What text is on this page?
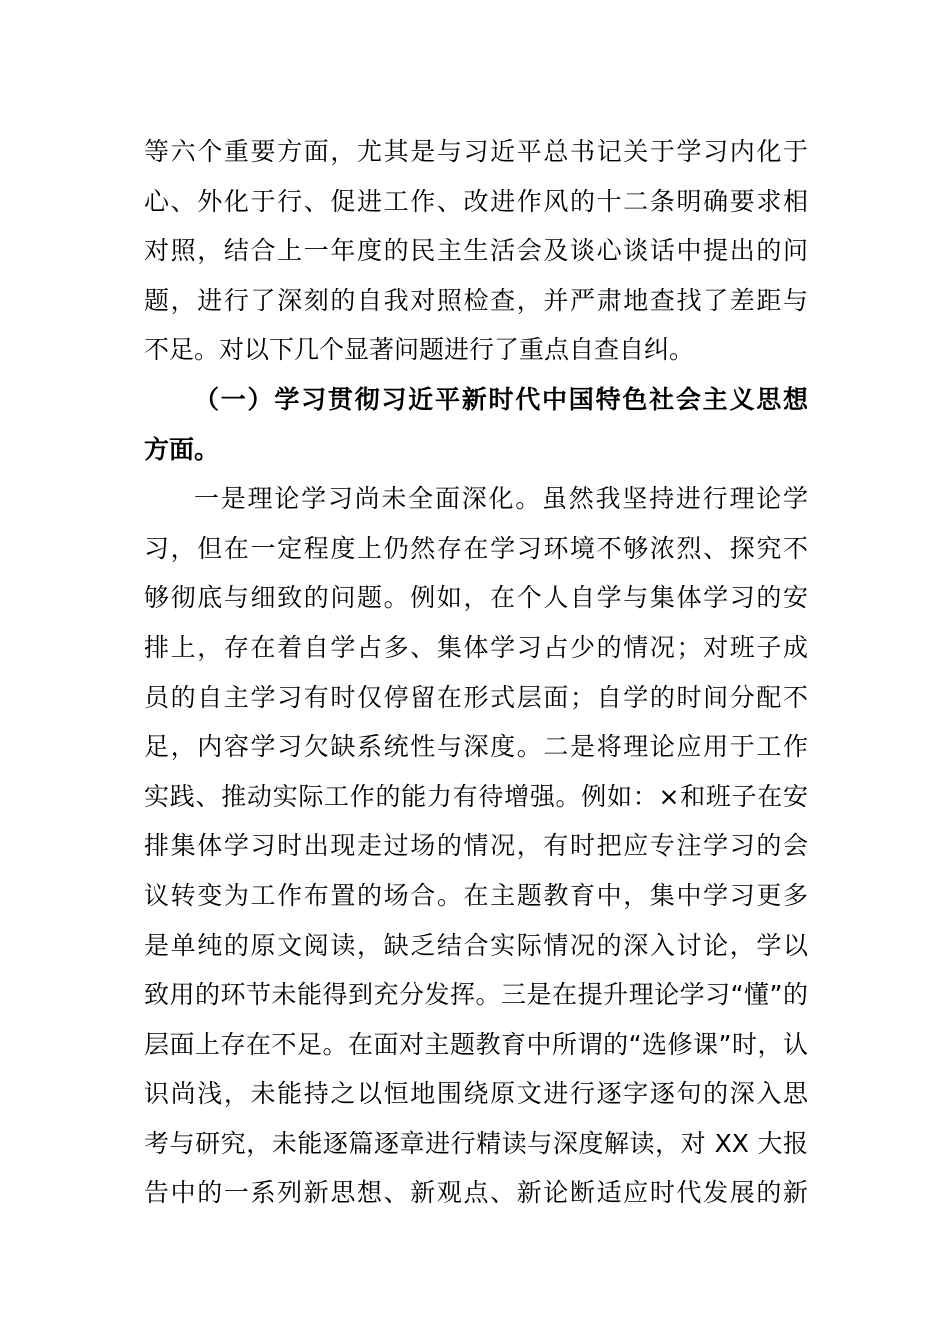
等六个重要方面，尤其是与习近平总书记关于学习内化于
心、外化于行、促进工作、改进作风的十二条明确要求相
对照，结合上一年度的民主生活会及谈心谈话中提出的问
题，进行了深刻的自我对照检查，并严肃地查找了差距与
不足。对以下几个显著问题进行了重点自查自纠。
（一）学习贯彻习近平新时代中国特色社会主义思想
方面。
一是理论学习尚未全面深化。虽然我坚持进行理论学
习，但在一定程度上仍然存在学习环境不够浓烈、探究不
够彻底与细致的问题。例如，在个人自学与集体学习的安
排上，存在着自学占多、集体学习占少的情况；对班子成
员的自主学习有时仅停留在形式层面；自学的时间分配不
足，内容学习欠缺系统性与深度。二是将理论应用于工作
实践、推动实际工作的能力有待增强。例如：×和班子在安
排集体学习时出现走过场的情况，有时把应专注学习的会
议转变为工作布置的场合。在主题教育中，集中学习更多
是单纯的原文阅读，缺乏结合实际情况的深入讨论，学以
致用的环节未能得到充分发挥。三是在提升理论学习“懂”的
层面上存在不足。在面对主题教育中所谓的“选修课”时，认
识尚浅，未能持之以恒地围绕原文进行逐字逐句的深入思
考与研究，未能逐篇逐章进行精读与深度解读，对 XX 大报
告中的一系列新思想、新观点、新论断适应时代发展的新
